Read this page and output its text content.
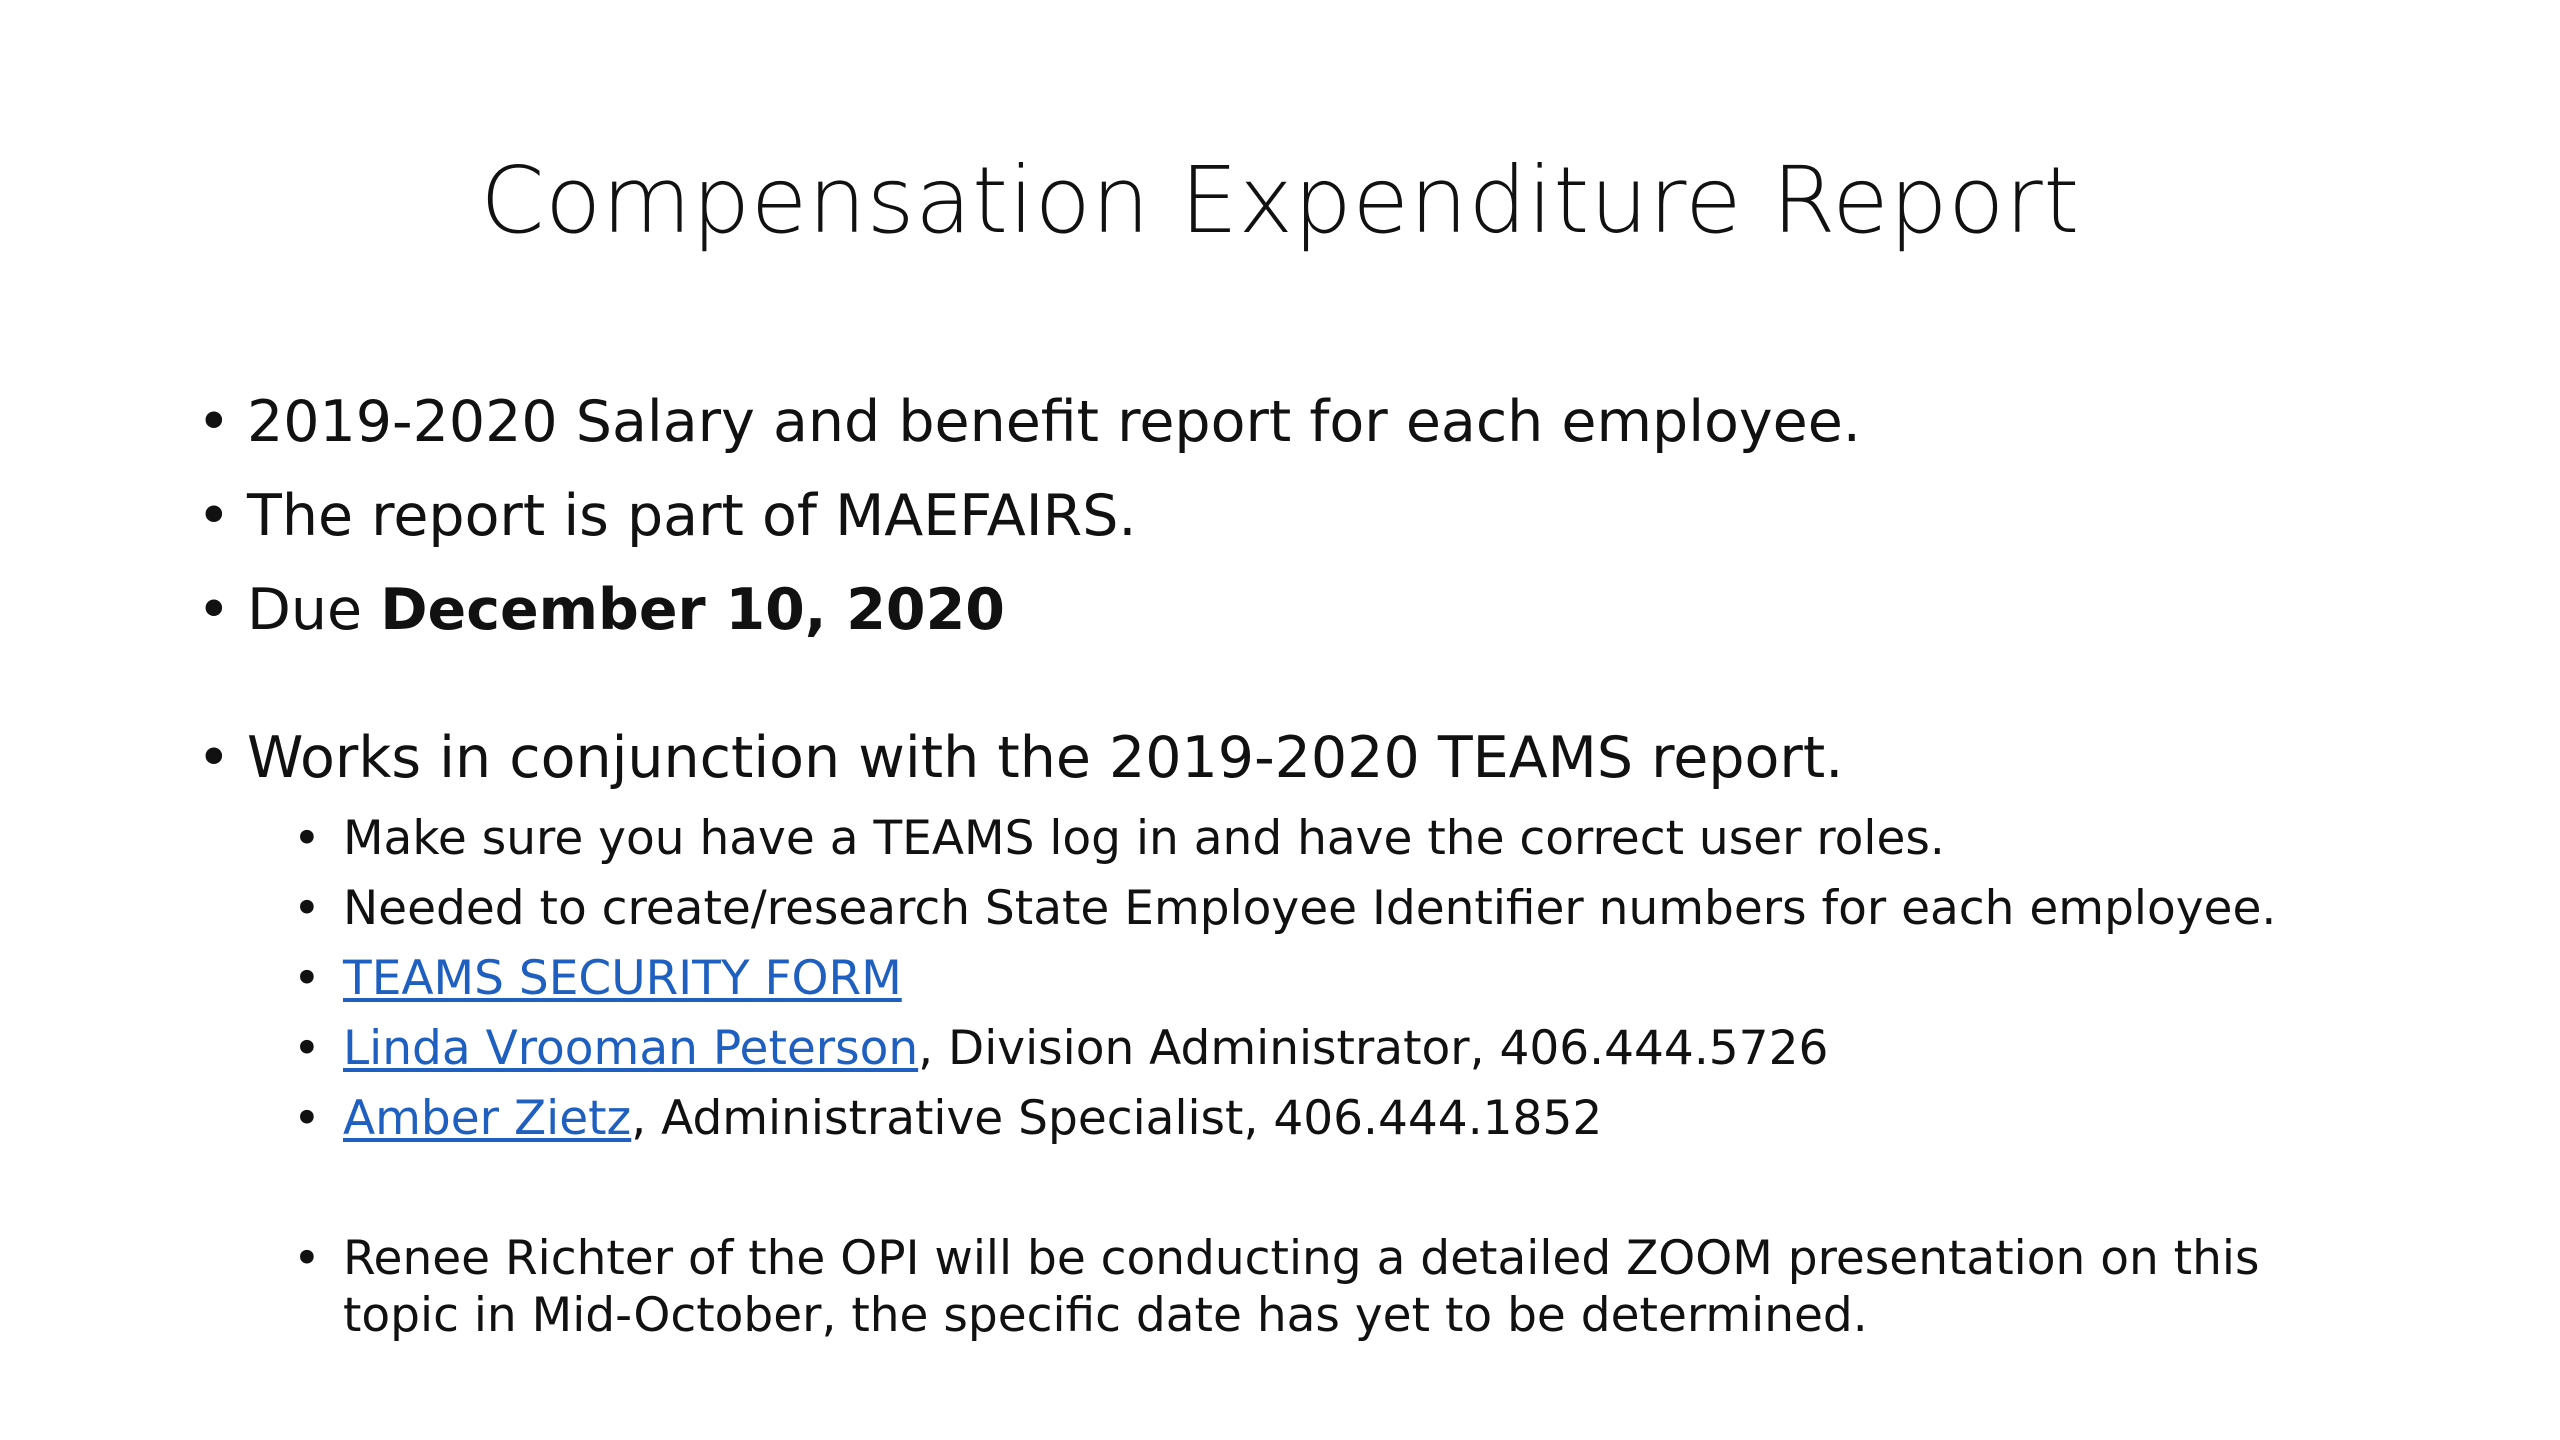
Compensation Expenditure Report
• 2019-2020 Salary and benefit report for each employee.
• The report is part of MAEFAIRS.
• Due December 10, 2020
• Works in conjunction with the 2019-2020 TEAMS report.
• Make sure you have a TEAMS log in and have the correct user roles.
• Needed to create/research State Employee Identifier numbers for each employee.
• TEAMS SECURITY FORM
• Linda Vrooman Peterson, Division Administrator, 406.444.5726
• Amber Zietz, Administrative Specialist, 406.444.1852
• Renee Richter of the OPI will be conducting a detailed ZOOM presentation on this
topic in Mid-October, the specific date has yet to be determined.
